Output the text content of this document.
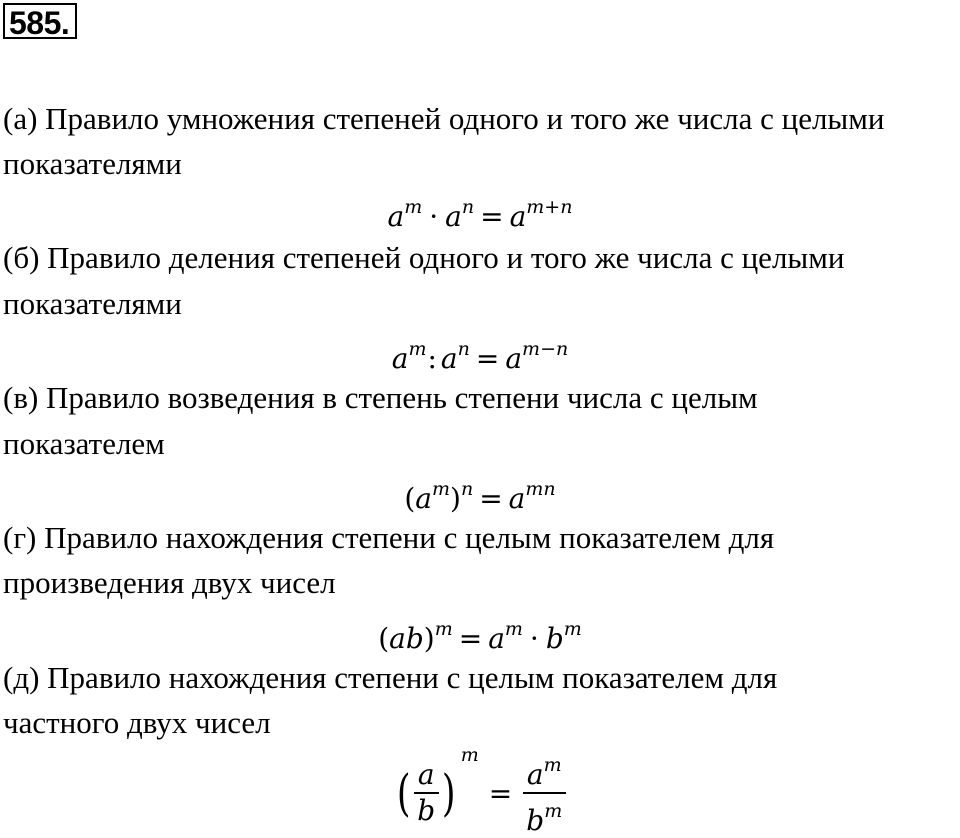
585.
(а) Правило умножения степеней одного и того же числа с целыми
показателями
$a^m \cdot a^n = a^{m+n}$
(б) Правило деления степеней одного и того же числа с целыми
показателями
$a^m$: $a^n = a^{m-n}$
(в) Правило возведения в степень степени числа с целым
показателем
$(a^m)^n = a^{mn}$
(г) Правило нахождения степени с целым показателем для
произведения двух чисел
$(ab)^m = a^m \cdot b^m$
(д) Правило нахождения степени с целым показателем для
частного двух чисел
( $\frac{a}{b}$ )
m
= $\frac{a^m}{b^m}$
